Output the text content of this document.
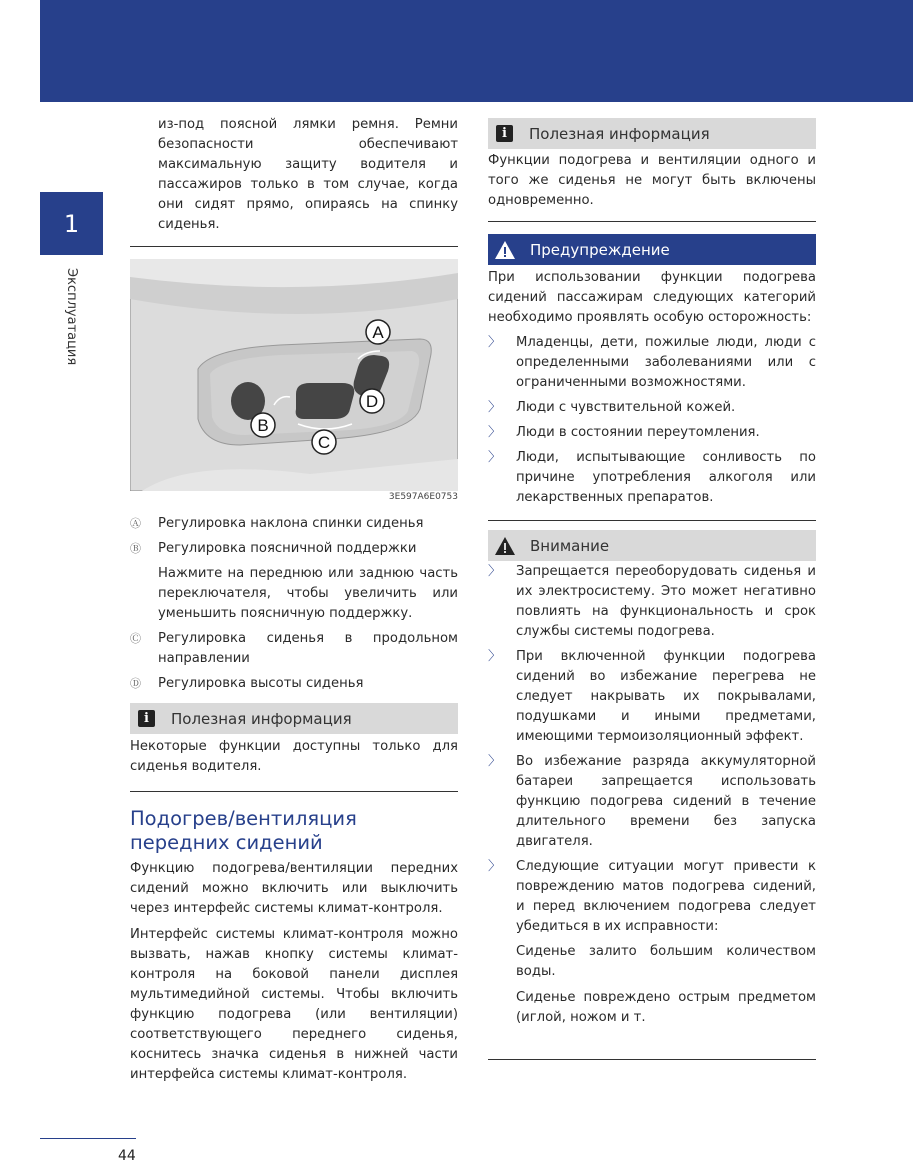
1
Эксплуатация

из-под поясной лямки ремня. Ремни безопасности обеспечивают максимальную защиту водителя и пассажиров только в том случае, когда они сидят прямо, опираясь на спинку сиденья.

A
B
C
D
3E597A6E0753
Ⓐ	Регулировка наклона спинки сиденья
Ⓑ	Регулировка поясничной поддержки
Нажмите на переднюю или заднюю часть переключателя, чтобы увеличить или уменьшить поясничную поддержку.
Ⓒ	Регулировка сиденья в продольном направлении
Ⓓ	Регулировка высоты сиденья
i	Полезная информация

Некоторые функции доступны только для сиденья водителя.

Подогрев/вентиляция передних сидений

Функцию подогрева/вентиляции передних сидений можно включить или выключить через интерфейс системы климат-контроля.

Интерфейс системы климат-контроля можно вызвать, нажав кнопку системы климат-контроля на боковой панели дисплея мультимедийной системы. Чтобы включить функцию подогрева (или вентиляции) соответствующего переднего сиденья, коснитесь значка сиденья в нижней части интерфейса системы климат-контроля.

i	Полезная информация

Функции подогрева и вентиляции одного и того же сиденья не могут быть включены одновременно.

Предупреждение

При использовании функции подогрева сидений пассажирам следующих категорий необходимо проявлять особую осторожность:

〉	Младенцы, дети, пожилые люди, люди с определенными заболеваниями или с ограниченными возможностями.
〉	Люди с чувствительной кожей.
〉	Люди в состоянии переутомления.
〉	Люди, испытывающие сонливость по причине употребления алкоголя или лекарственных препаратов.
Внимание
〉	Запрещается переоборудовать сиденья и их электросистему. Это может негативно повлиять на функциональность и срок службы системы подогрева.
〉	При включенной функции подогрева сидений во избежание перегрева не следует накрывать их покрывалами, подушками и иными предметами, имеющими термоизоляционный эффект.
〉	Во избежание разряда аккумуляторной батареи запрещается использовать функцию подогрева сидений в течение длительного времени без запуска двигателя.
〉	Следующие ситуации могут привести к повреждению матов подогрева сидений, и перед включением подогрева следует убедиться в их исправности:

Сиденье залито большим количеством воды.

Сиденье повреждено острым предметом (иглой, ножом и т.

44
